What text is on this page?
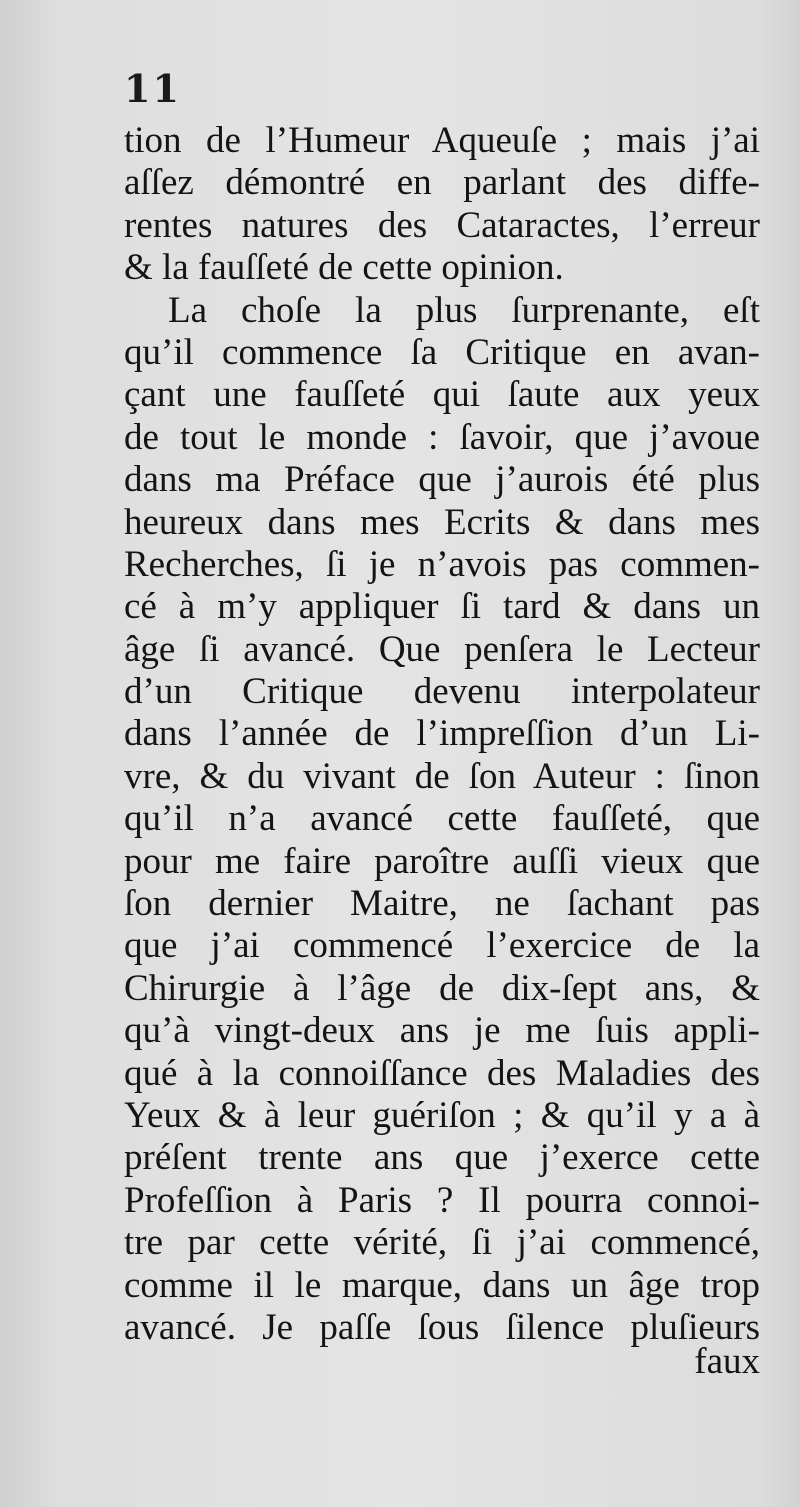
11
tion de l’Humeur Aqueuſe ; mais j’ai
aſſez démontré en parlant des diffe-
rentes natures des Cataractes, l’erreur
& la fauſſeté de cette opinion.
La choſe la plus ſurprenante, eſt
qu’il commence ſa Critique en avan-
çant une fauſſeté qui ſaute aux yeux
de tout le monde : ſavoir, que j’avoue
dans ma Préface que j’aurois été plus
heureux dans mes Ecrits & dans mes
Recherches, ſi je n’avois pas commen-
cé à m’y appliquer ſi tard & dans un
âge ſi avancé. Que penſera le Lecteur
d’un Critique devenu interpolateur
dans l’année de l’impreſſion d’un Li-
vre, & du vivant de ſon Auteur : ſinon
qu’il n’a avancé cette fauſſeté, que
pour me faire paroître auſſi vieux que
ſon dernier Maitre, ne ſachant pas
que j’ai commencé l’exercice de la
Chirurgie à l’âge de dix-ſept ans, &
qu’à vingt-deux ans je me ſuis appli-
qué à la connoiſſance des Maladies des
Yeux & à leur guériſon ; & qu’il y a à
préſent trente ans que j’exerce cette
Profeſſion à Paris ? Il pourra connoi-
tre par cette vérité, ſi j’ai commencé,
comme il le marque, dans un âge trop
avancé. Je paſſe ſous ſilence pluſieurs
faux
